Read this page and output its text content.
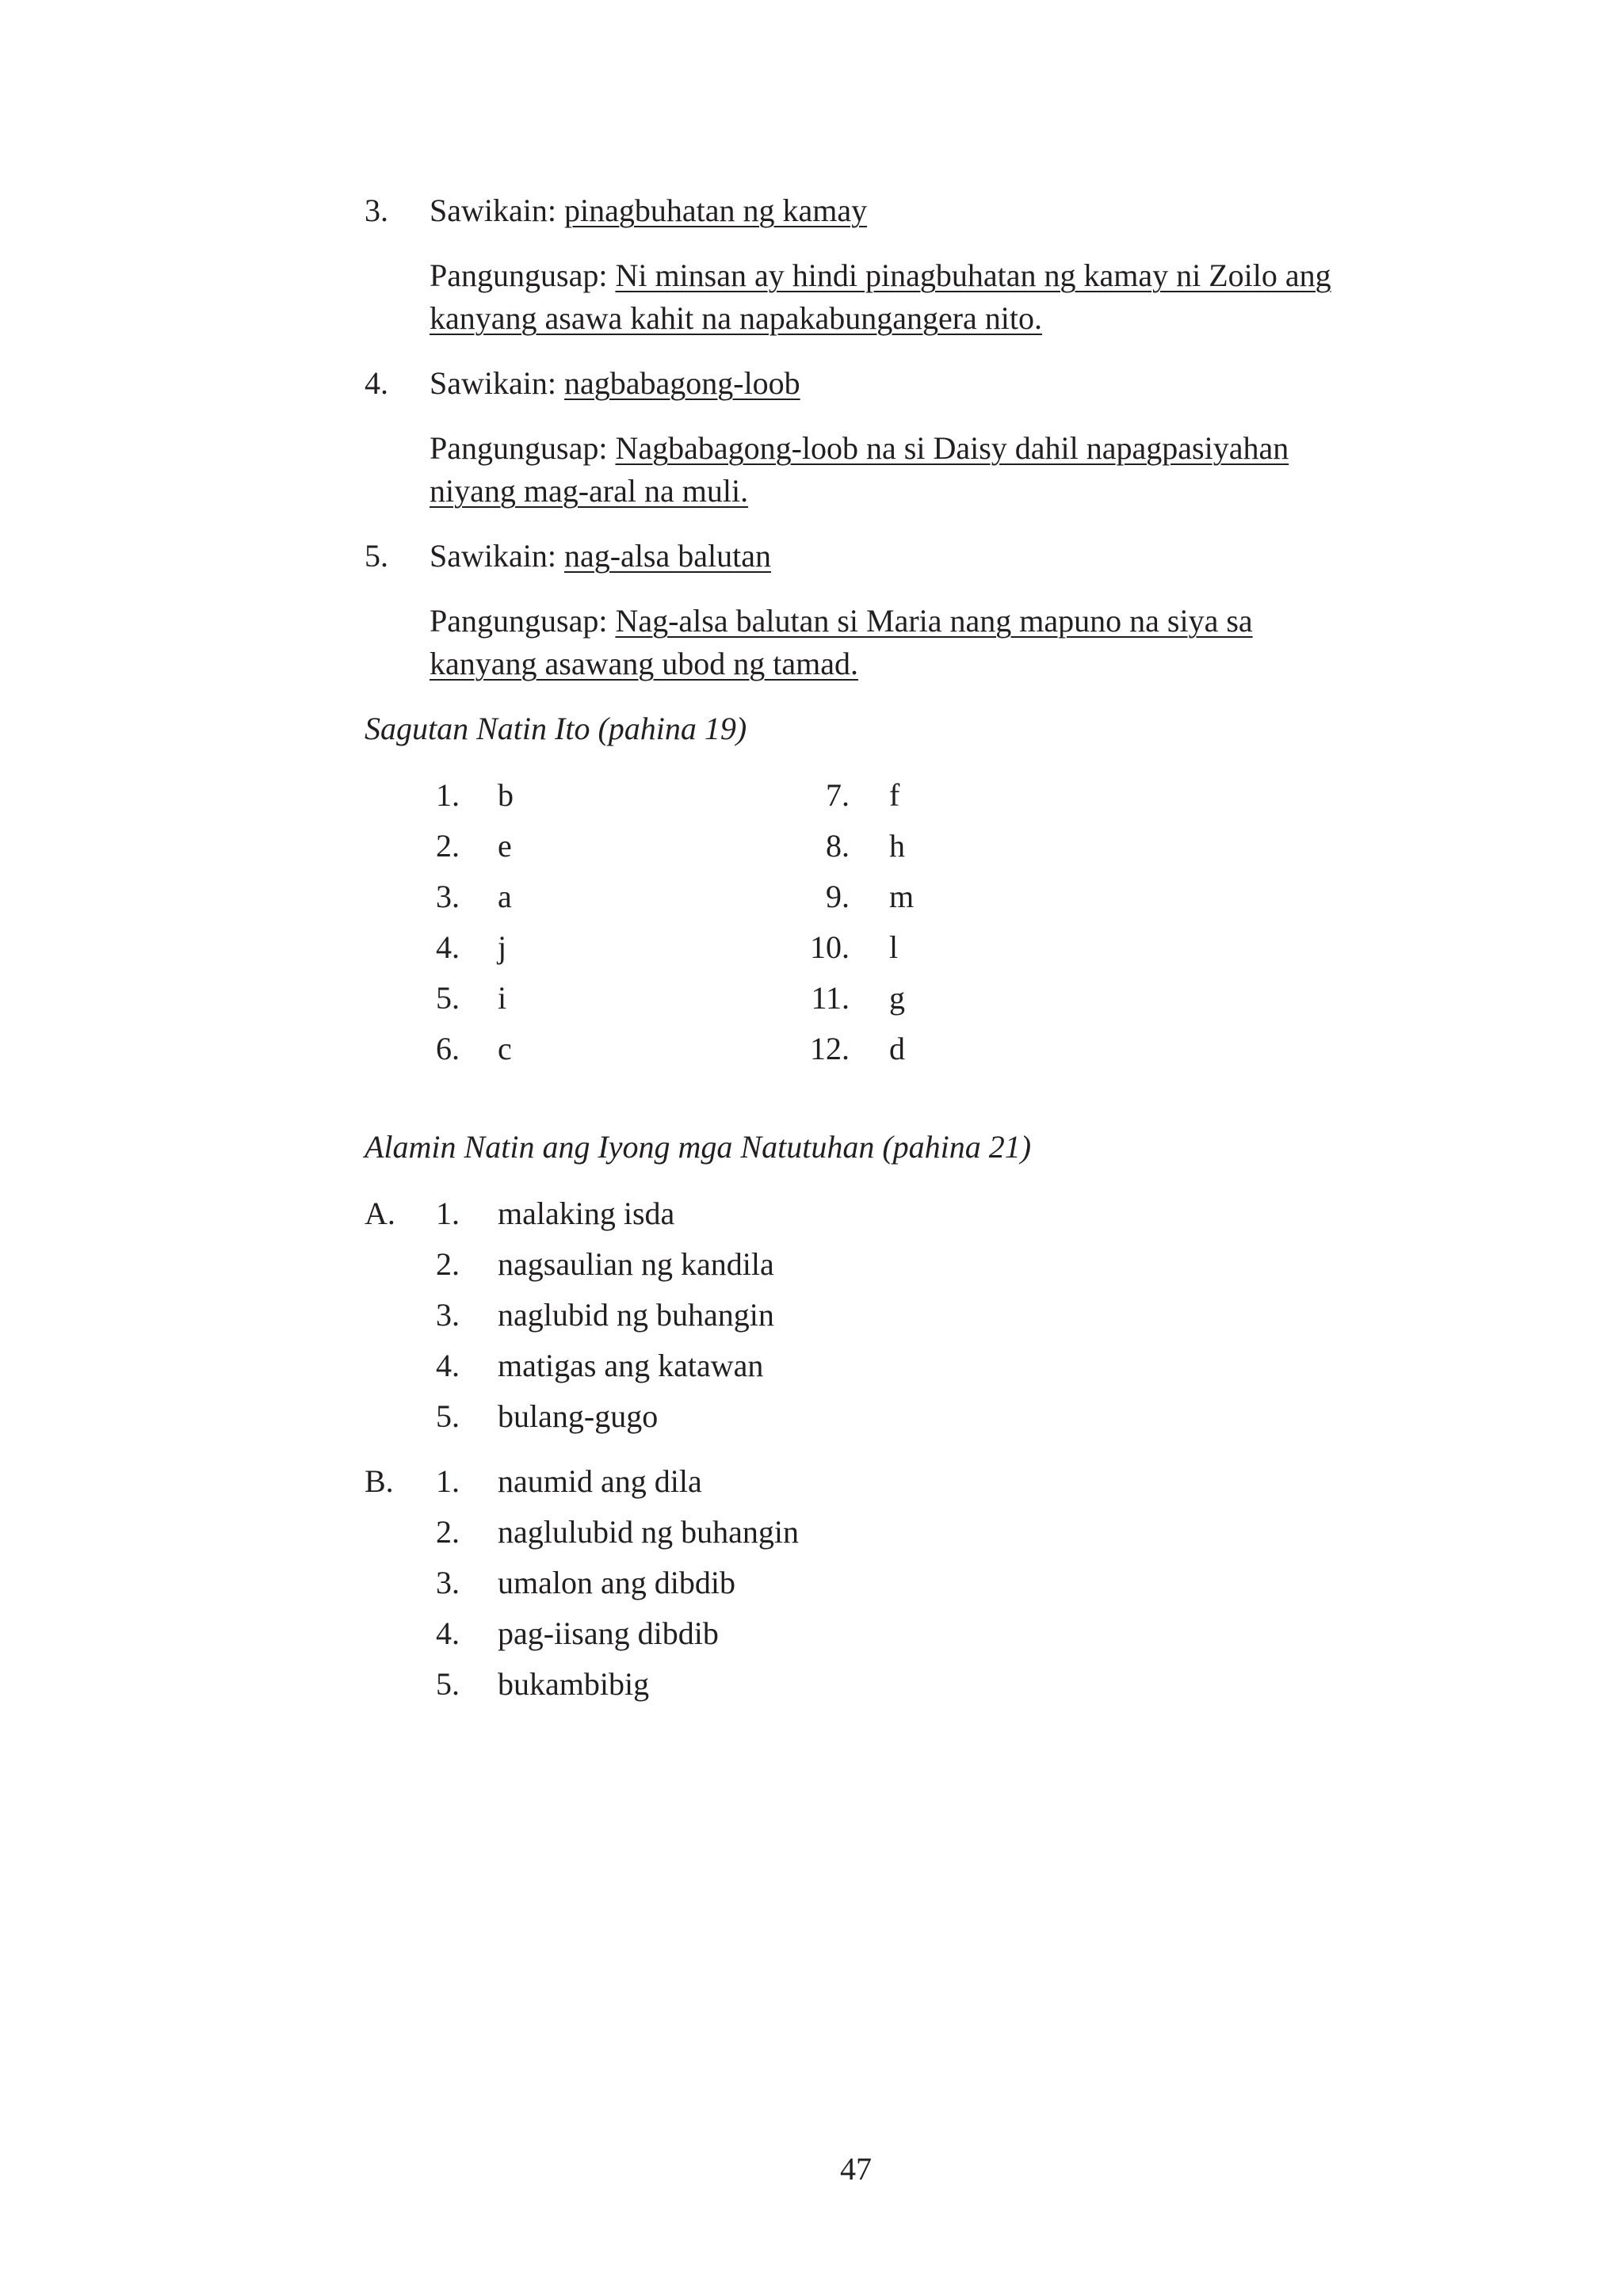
3. Sawikain: pinagbuhatan ng kamay
Pangungusap: Ni minsan ay hindi pinagbuhatan ng kamay ni Zoilo ang
kanyang asawa kahit na napakabungangera nito.
4. Sawikain: nagbabagong-loob
Pangungusap: Nagbabagong-loob na si Daisy dahil napagpasiyahan
niyang mag-aral na muli.
5. Sawikain: nag-alsa balutan
Pangungusap: Nag-alsa balutan si Maria nang mapuno na siya sa
kanyang asawang ubod ng tamad.
Sagutan Natin Ito (pahina 19)
1. b
2. e
3. a
4. j
5. i
6. c
7. f
8. h
9. m
10. l
11. g
12. d
Alamin Natin ang Iyong mga Natutuhan (pahina 21)
A.	1. malaking isda
2. nagsaulian ng kandila
3. naglubid ng buhangin
4. matigas ang katawan
5. bulang-gugo
B.	1. naumid ang dila
2. naglulubid ng buhangin
3. umalon ang dibdib
4. pag-iisang dibdib
5. bukambibig
47
